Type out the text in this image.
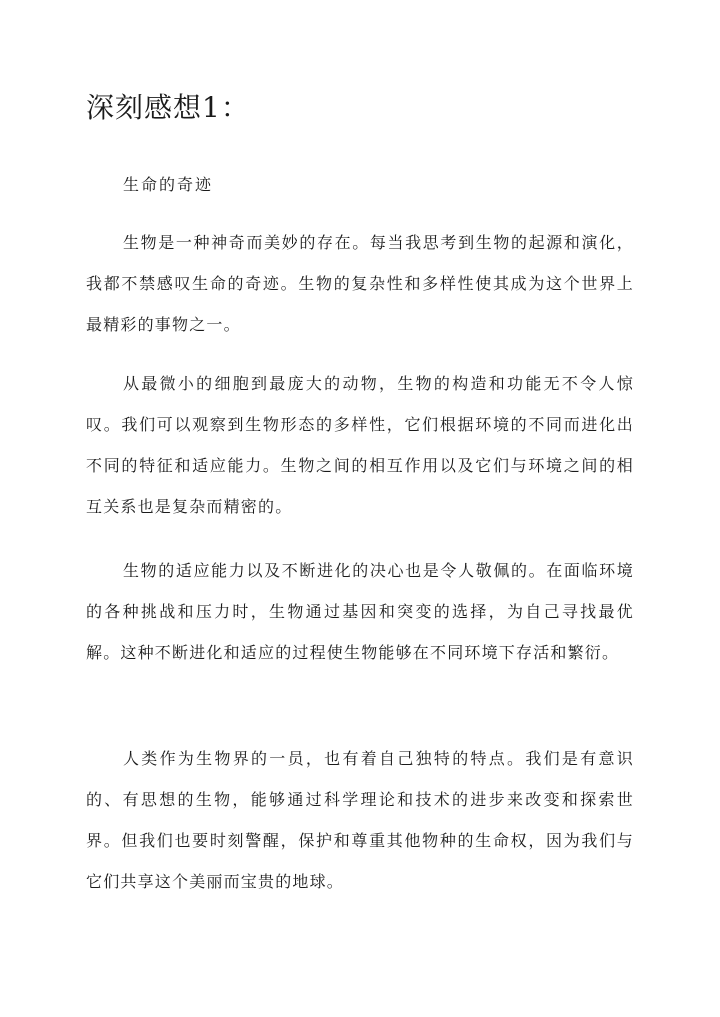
深刻感想1：

生命的奇迹

生物是一种神奇而美妙的存在。每当我思考到生物的起源和演化，我都不禁感叹生命的奇迹。生物的复杂性和多样性使其成为这个世界上最精彩的事物之一。

从最微小的细胞到最庞大的动物，生物的构造和功能无不令人惊叹。我们可以观察到生物形态的多样性，它们根据环境的不同而进化出不同的特征和适应能力。生物之间的相互作用以及它们与环境之间的相互关系也是复杂而精密的。

生物的适应能力以及不断进化的决心也是令人敬佩的。在面临环境的各种挑战和压力时，生物通过基因和突变的选择，为自己寻找最优解。这种不断进化和适应的过程使生物能够在不同环境下存活和繁衍。

人类作为生物界的一员，也有着自己独特的特点。我们是有意识的、有思想的生物，能够通过科学理论和技术的进步来改变和探索世界。但我们也要时刻警醒，保护和尊重其他物种的生命权，因为我们与它们共享这个美丽而宝贵的地球。
